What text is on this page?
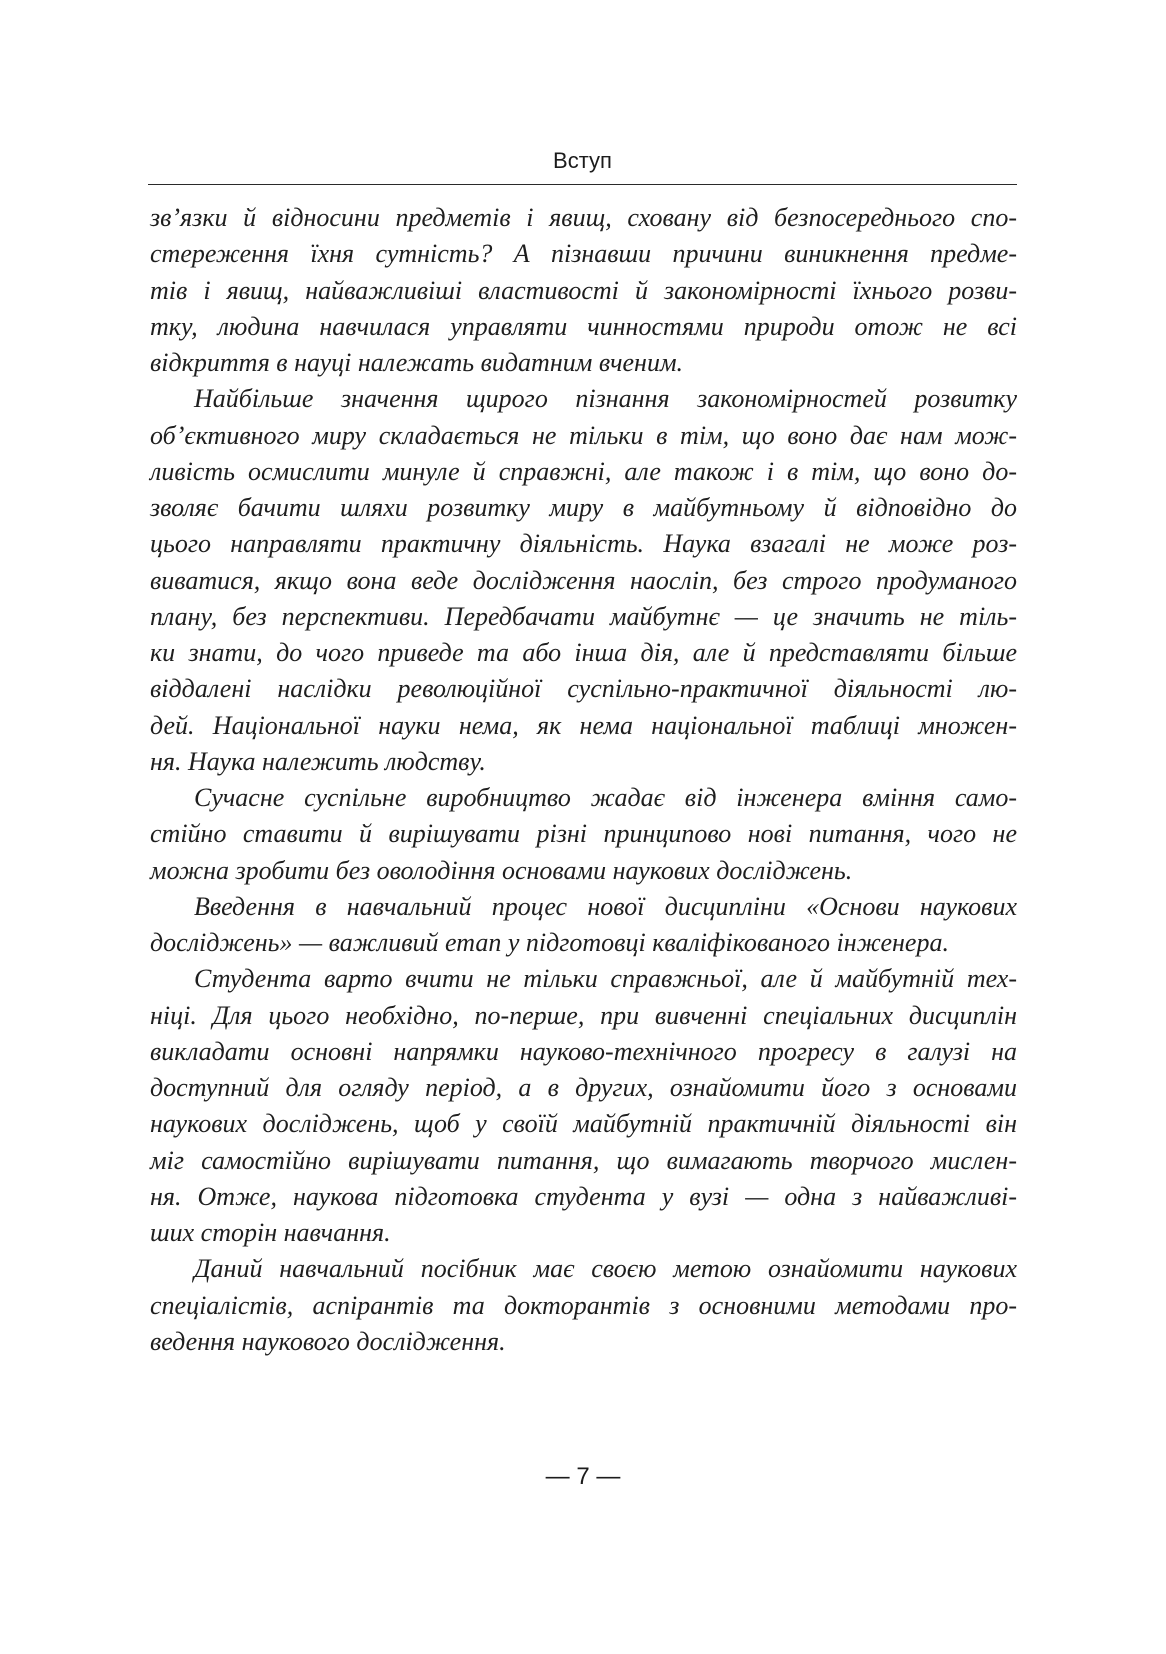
Вступ
зв’язки й відносини предметів і явищ, сховану від безпосереднього спо-
стереження їхня сутність? А пізнавши причини виникнення предме-
тів і явищ, найважливіші властивості й закономірності їхнього розви-
тку, людина навчилася управляти чинностями природи отож не всі
відкриття в науці належать видатним вченим.
Найбільше значення щирого пізнання закономірностей розвитку
об’єктивного миру складається не тільки в тім, що воно дає нам мож-
ливість осмислити минуле й справжні, але також і в тім, що воно до-
зволяє бачити шляхи розвитку миру в майбутньому й відповідно до
цього направляти практичну діяльність. Наука взагалі не може роз-
виватися, якщо вона веде дослідження наосліп, без строго продуманого
плану, без перспективи. Передбачати майбутнє — це значить не тіль-
ки знати, до чого приведе та або інша дія, але й представляти більше
віддалені наслідки революційної суспільно-практичної діяльності лю-
дей. Національної науки нема, як нема національної таблиці множен-
ня. Наука належить людству.
Сучасне суспільне виробництво жадає від інженера вміння само-
стійно ставити й вирішувати різні принципово нові питання, чого не
можна зробити без оволодіння основами наукових досліджень.
Введення в навчальний процес нової дисципліни «Основи наукових
досліджень» — важливий етап у підготовці кваліфікованого інженера.
Студента варто вчити не тільки справжньої, але й майбутній тех-
ніці. Для цього необхідно, по-перше, при вивченні спеціальних дисциплін
викладати основні напрямки науково-технічного прогресу в галузі на
доступний для огляду період, а в других, ознайомити його з основами
наукових досліджень, щоб у своїй майбутній практичній діяльності він
міг самостійно вирішувати питання, що вимагають творчого мислен-
ня. Отже, наукова підготовка студента у вузі — одна з найважливі-
ших сторін навчання.
Даний навчальний посібник має своєю метою ознайомити наукових
спеціалістів, аспірантів та докторантів з основними методами про-
ведення наукового дослідження.
— 7 —
